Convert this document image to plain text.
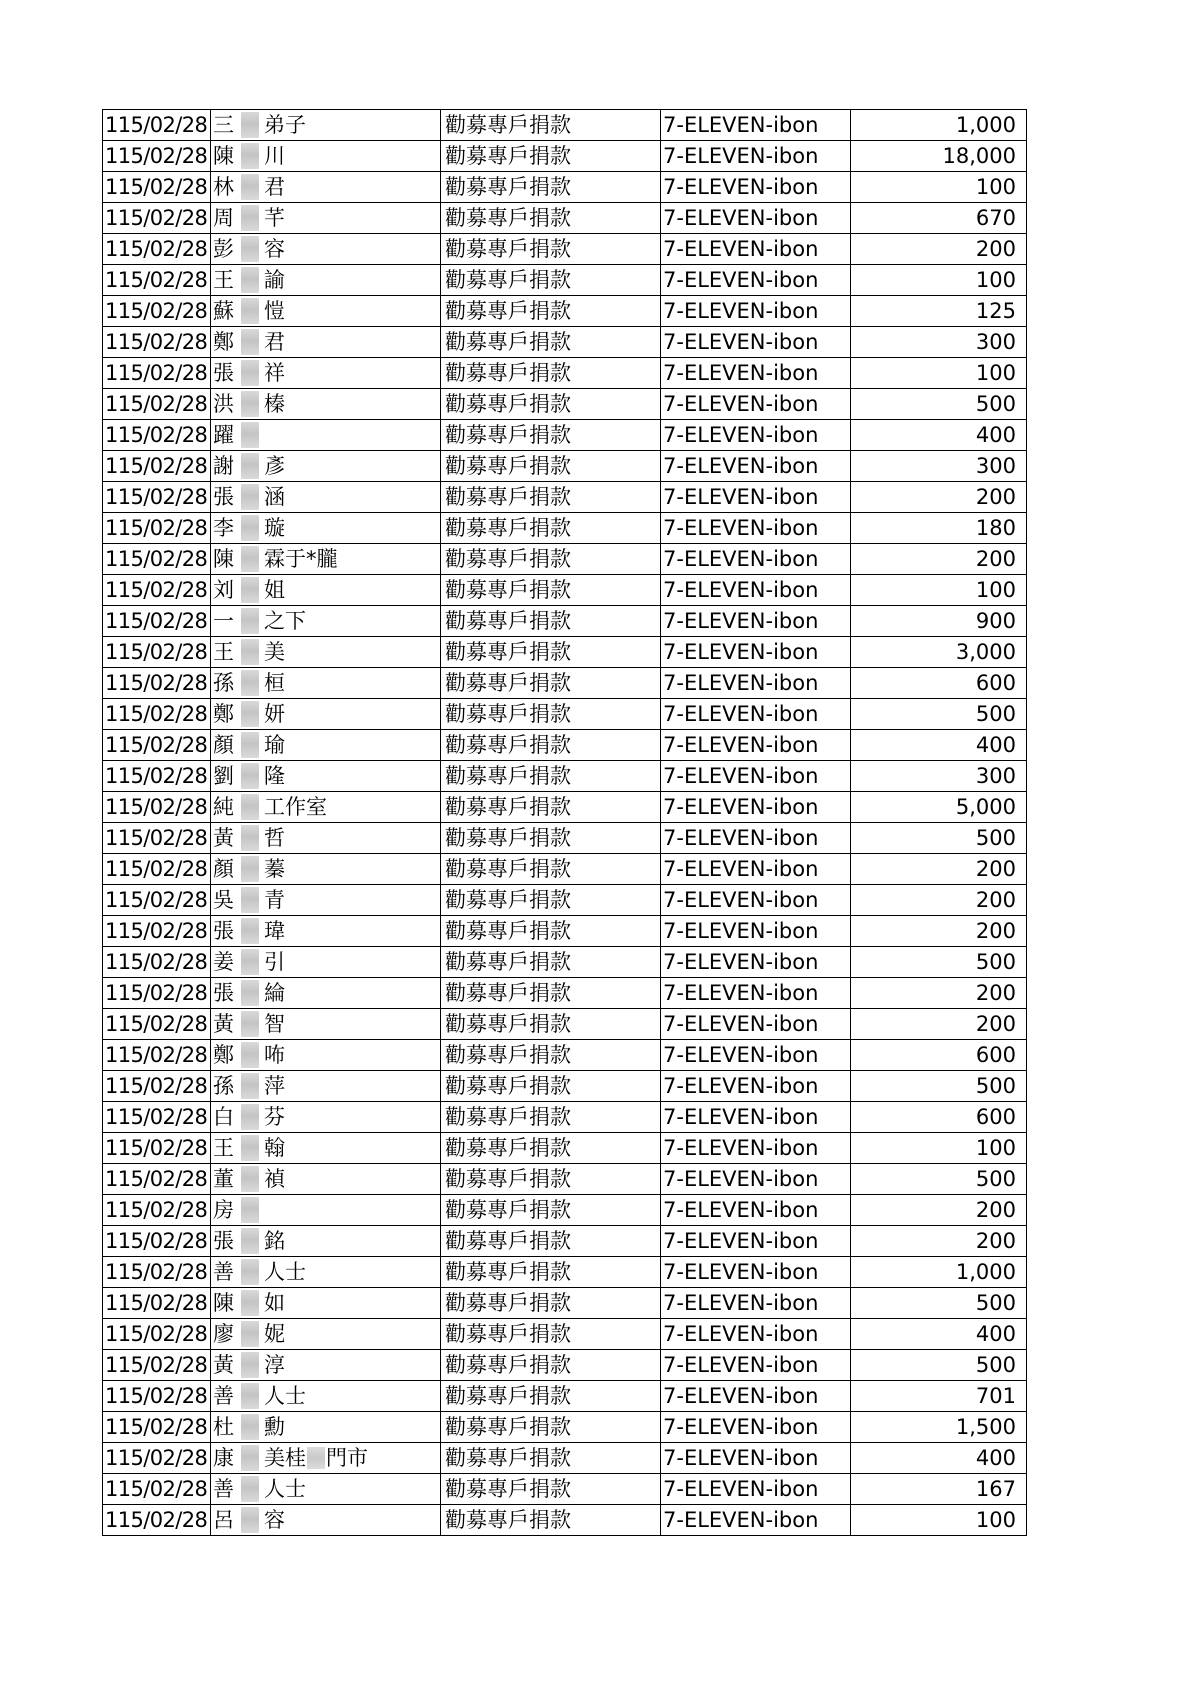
115/02/28	三 弟子	勸募專戶捐款	7-ELEVEN-ibon	1,000
115/02/28	陳 川	勸募專戶捐款	7-ELEVEN-ibon	18,000
115/02/28	林 君	勸募專戶捐款	7-ELEVEN-ibon	100
115/02/28	周 芊	勸募專戶捐款	7-ELEVEN-ibon	670
115/02/28	彭 容	勸募專戶捐款	7-ELEVEN-ibon	200
115/02/28	王 諭	勸募專戶捐款	7-ELEVEN-ibon	100
115/02/28	蘇 愷	勸募專戶捐款	7-ELEVEN-ibon	125
115/02/28	鄭 君	勸募專戶捐款	7-ELEVEN-ibon	300
115/02/28	張 祥	勸募專戶捐款	7-ELEVEN-ibon	100
115/02/28	洪 榛	勸募專戶捐款	7-ELEVEN-ibon	500
115/02/28	躍	勸募專戶捐款	7-ELEVEN-ibon	400
115/02/28	謝 彥	勸募專戶捐款	7-ELEVEN-ibon	300
115/02/28	張 涵	勸募專戶捐款	7-ELEVEN-ibon	200
115/02/28	李 璇	勸募專戶捐款	7-ELEVEN-ibon	180
115/02/28	陳 霖于*朧	勸募專戶捐款	7-ELEVEN-ibon	200
115/02/28	刘 姐	勸募專戶捐款	7-ELEVEN-ibon	100
115/02/28	一 之下	勸募專戶捐款	7-ELEVEN-ibon	900
115/02/28	王 美	勸募專戶捐款	7-ELEVEN-ibon	3,000
115/02/28	孫 桓	勸募專戶捐款	7-ELEVEN-ibon	600
115/02/28	鄭 妍	勸募專戶捐款	7-ELEVEN-ibon	500
115/02/28	顏 瑜	勸募專戶捐款	7-ELEVEN-ibon	400
115/02/28	劉 隆	勸募專戶捐款	7-ELEVEN-ibon	300
115/02/28	純 工作室	勸募專戶捐款	7-ELEVEN-ibon	5,000
115/02/28	黃 哲	勸募專戶捐款	7-ELEVEN-ibon	500
115/02/28	顏 蓁	勸募專戶捐款	7-ELEVEN-ibon	200
115/02/28	吳 青	勸募專戶捐款	7-ELEVEN-ibon	200
115/02/28	張 瑋	勸募專戶捐款	7-ELEVEN-ibon	200
115/02/28	姜 引	勸募專戶捐款	7-ELEVEN-ibon	500
115/02/28	張 綸	勸募專戶捐款	7-ELEVEN-ibon	200
115/02/28	黃 智	勸募專戶捐款	7-ELEVEN-ibon	200
115/02/28	鄭 咘	勸募專戶捐款	7-ELEVEN-ibon	600
115/02/28	孫 萍	勸募專戶捐款	7-ELEVEN-ibon	500
115/02/28	白 芬	勸募專戶捐款	7-ELEVEN-ibon	600
115/02/28	王 翰	勸募專戶捐款	7-ELEVEN-ibon	100
115/02/28	董 禎	勸募專戶捐款	7-ELEVEN-ibon	500
115/02/28	房	勸募專戶捐款	7-ELEVEN-ibon	200
115/02/28	張 銘	勸募專戶捐款	7-ELEVEN-ibon	200
115/02/28	善 人士	勸募專戶捐款	7-ELEVEN-ibon	1,000
115/02/28	陳 如	勸募專戶捐款	7-ELEVEN-ibon	500
115/02/28	廖 妮	勸募專戶捐款	7-ELEVEN-ibon	400
115/02/28	黃 淳	勸募專戶捐款	7-ELEVEN-ibon	500
115/02/28	善 人士	勸募專戶捐款	7-ELEVEN-ibon	701
115/02/28	杜 勳	勸募專戶捐款	7-ELEVEN-ibon	1,500
115/02/28	康 美桂 門市	勸募專戶捐款	7-ELEVEN-ibon	400
115/02/28	善 人士	勸募專戶捐款	7-ELEVEN-ibon	167
115/02/28	呂 容	勸募專戶捐款	7-ELEVEN-ibon	100
